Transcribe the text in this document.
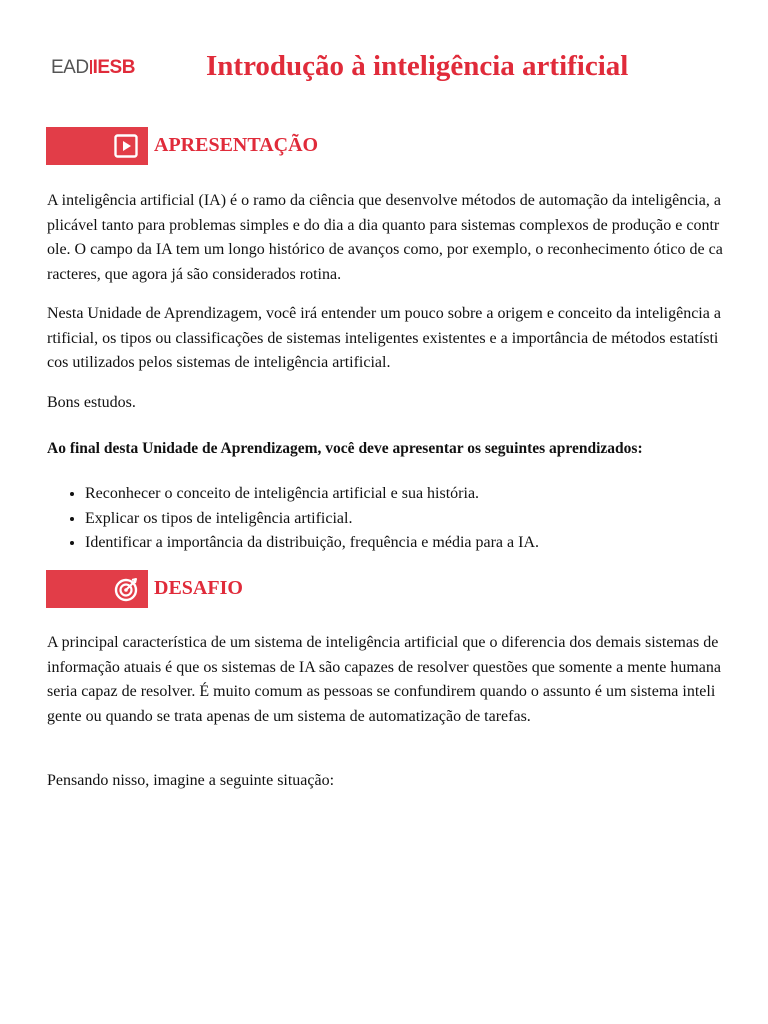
EAD IESB Introdução à inteligência artificial
APRESENTAÇÃO

A inteligência artificial (IA) é o ramo da ciência que desenvolve métodos de automação da inteligência, aplicável tanto para problemas simples e do dia a dia quanto para sistemas complexos de produção e controle. O campo da IA tem um longo histórico de avanços como, por exemplo, o reconhecimento ótico de caracteres, que agora já são considerados rotina.

Nesta Unidade de Aprendizagem, você irá entender um pouco sobre a origem e conceito da inteligência artificial, os tipos ou classificações de sistemas inteligentes existentes e a importância de métodos estatísticos utilizados pelos sistemas de inteligência artificial.

Bons estudos.

Ao final desta Unidade de Aprendizagem, você deve apresentar os seguintes aprendizados:

• Reconhecer o conceito de inteligência artificial e sua história.
• Explicar os tipos de inteligência artificial.
• Identificar a importância da distribuição, frequência e média para a IA.
DESAFIO

A principal característica de um sistema de inteligência artificial que o diferencia dos demais sistemas de informação atuais é que os sistemas de IA são capazes de resolver questões que somente a mente humana seria capaz de resolver. É muito comum as pessoas se confundirem quando o assunto é um sistema inteligente ou quando se trata apenas de um sistema de automatização de tarefas.

Pensando nisso, imagine a seguinte situação:
